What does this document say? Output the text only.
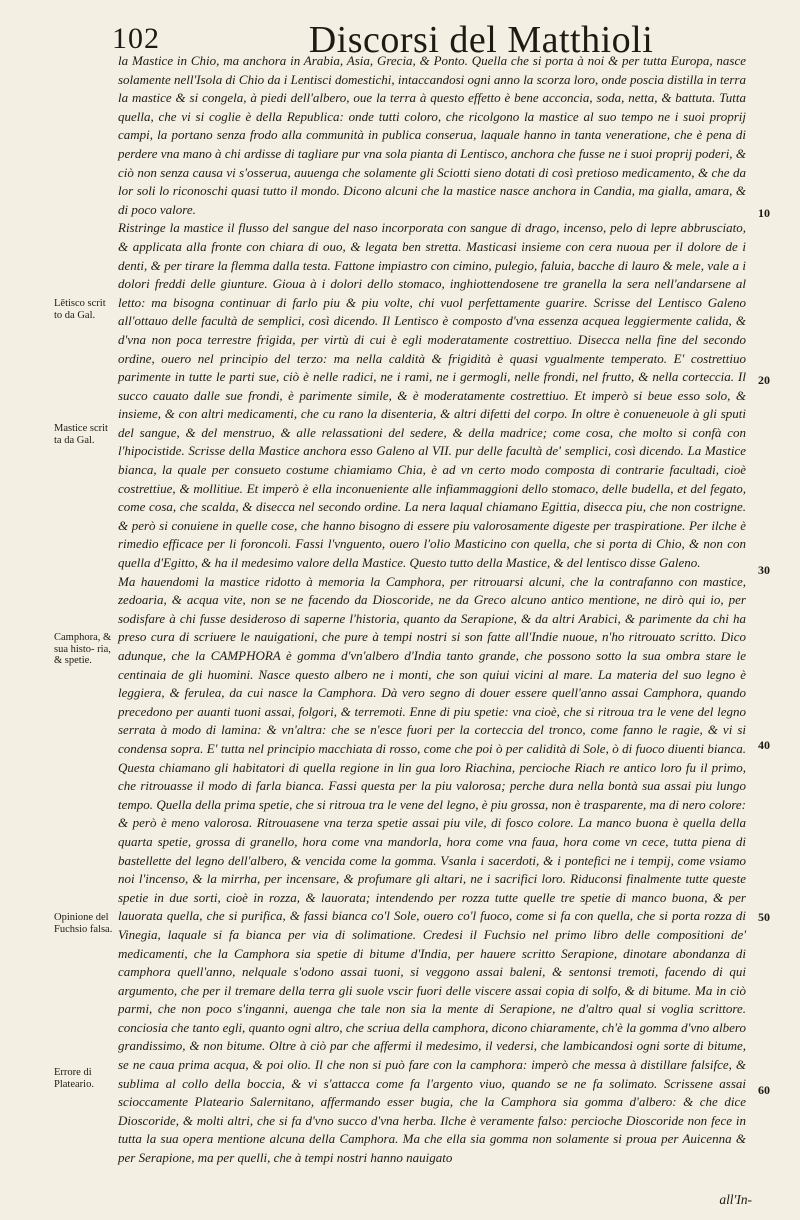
102	Discorsi del Matthioli

la Mastice in Chio, ma anchora in Arabia, Asia, Grecia, & Ponto. Quella che si porta à noi & per tutta Europa, nasce solamente nell'Isola di Chio da i Lentisci domestichi, intaccandosi ogni anno la scorza loro, onde poscia distilla in terra la mastice & si congela, à piedi dell'albero, oue la terra à questo effetto è bene acconcia, soda, netta, & battuta. Tutta quella, che vi si coglie è della Republica: onde tutti coloro, che ricolgono la mastice al suo tempo ne i suoi proprij campi, la portano senza frodo alla communità in publica conserua, laquale hanno in tanta veneratione, che è pena di perdere vna mano à chi ardisse di tagliare pur vna sola pianta di Lentisco, anchora che fusse ne i suoi proprij poderi, & ciò non senza causa vi s'osserua, auuenga che solamente gli Sciotti sieno dotati di così pretioso medicamento, & che da lor soli lo riconoschi quasi tutto il mondo. Dicono alcuni che la mastice nasce anchora in Candia, ma gialla, amara, & di poco valore.

Ristringe la mastice il flusso del sangue del naso incorporata con sangue di drago, incenso, pelo di lepre abbrusciato, & applicata alla fronte con chiara di ouo, & legata ben stretta. Masticasi insieme con cera nuoua per il dolore de i denti, & per tirare la flemma dalla testa. Fattone impiastro con cimino, pulegio, faluia, bacche di lauro & mele, vale a i dolori freddi delle giunture. Gioua à i dolori dello stomaco, inghiottendosene tre granella la sera nell'andarsene al letto: ma bisogna continuar di farlo piu & piu volte, chi vuol perfettamente guarire. Scrisse del Lentisco Galeno all'ottauo delle facultà de semplici, così dicendo. Il Lentisco è composto d'vna essenza acquea leggiermente calida, & d'vna non poca terrestre frigida, per virtù di cui è egli moderatamente costrettiuo. Disecca nella fine del secondo ordine, ouero nel principio del terzo: ma nella caldità & frigidità è quasi vgualmente temperato. E' costrettiuo parimente in tutte le parti sue, ciò è nelle radici, ne i rami, ne i germogli, nelle frondi, nel frutto, & nella corteccia. Il succo cauato dalle sue frondi, è parimente simile, & è moderatamente costrettiuo. Et imperò si beue esso solo, & insieme, & con altri medicamenti, che cu rano la disenteria, & altri difetti del corpo. In oltre è conueneuole à gli sputi del sangue, & del menstruo, & alle relassationi del sedere, & della madrice; come cosa, che molto si confà con l'hipocistide. Scrisse della Mastice anchora esso Galeno al VII. pur delle facultà de' semplici, così dicendo. La Mastice bianca, la quale per consueto costume chiamiamo Chia, è ad vn certo modo composta di contrarie facultadi, cioè costrettiue, & mollitiue. Et imperò è ella inconueniente alle infiammaggioni dello stomaco, delle budella, et del fegato, come cosa, che scalda, & disecca nel secondo ordine. La nera laqual chiamano Egittia, disecca piu, che non costrigne. & però si conuiene in quelle cose, che hanno bisogno di essere piu valorosamente digeste per traspiratione. Per ilche è rimedio efficace per li foroncoli. Fassi l'vnguento, ouero l'olio Masticino con quella, che si porta di Chio, & non con quella d'Egitto, & ha il medesimo valore della Mastice. Questo tutto della Mastice, & del lentisco disse Galeno.

Ma hauendomi la mastice ridotto à memoria la Camphora, per ritrouarsi alcuni, che la contrafanno con mastice, zedoaria, & acqua vite, non se ne facendo da Dioscoride, ne da Greco alcuno antico mentione, ne dirò qui io, per sodisfare à chi fusse desideroso di saperne l'historia, quanto da Serapione, & da altri Arabici, & parimente da chi ha preso cura di scriuere le nauigationi, che pure à tempi nostri si son fatte all'Indie nuoue, n'ho ritrouato scritto. Dico adunque, che la CAMPHORA è gomma d'vn'albero d'India tanto grande, che possono sotto la sua ombra stare le centinaia de gli huomini. Nasce questo albero ne i monti, che son quiui vicini al mare. La materia del suo legno è leggiera, & ferulea, da cui nasce la Camphora. Dà vero segno di douer essere quell'anno assai Camphora, quando precedono per auanti tuoni assai, folgori, & terremoti. Enne di piu spetie: vna cioè, che si ritroua tra le vene del legno serrata à modo di lamina: & vn'altra: che se n'esce fuori per la corteccia del tronco, come fanno le ragie, & vi si condensa sopra. E' tutta nel principio macchiata di rosso, come che poi ò per calidità di Sole, ò di fuoco diuenti bianca. Questa chiamano gli habitatori di quella regione in lin gua loro Riachina, percioche Riach re antico loro fu il primo, che ritrouasse il modo di farla bianca. Fassi questa per la piu valorosa; perche dura nella bontà sua assai piu lungo tempo. Quella della prima spetie, che si ritroua tra le vene del legno, è piu grossa, non è trasparente, ma di nero colore: & però è meno valorosa. Ritrouasene vna terza spetie assai piu vile, di fosco colore. La manco buona è quella della quarta spetie, grossa di granello, hora come vna mandorla, hora come vna faua, hora come vn cece, tutta piena di bastellette del legno dell'albero, & vencida come la gomma. Vsanla i sacerdoti, & i pontefici ne i tempij, come vsiamo noi l'incenso, & la mirrha, per incensare, & profumare gli altari, ne i sacrifici loro. Riduconsi finalmente tutte queste spetie in due sorti, cioè in rozza, & lauorata; intendendo per rozza tutte quelle tre spetie di manco buona, & per lauorata quella, che si purifica, & fassi bianca co'l Sole, ouero co'l fuoco, come si fa con quella, che si porta rozza di Vinegia, laquale si fa bianca per via di solimatione. Credesi il Fuchsio nel primo libro delle compositioni de' medicamenti, che la Camphora sia spetie di bitume d'India, per hauere scritto Serapione, dinotare abondanza di camphora quell'anno, nelquale s'odono assai tuoni, si veggono assai baleni, & sentonsi tremoti, facendo di qui argumento, che per il tremare della terra gli suole vscir fuori delle viscere assai copia di solfo, & di bitume. Ma in ciò parmi, che non poco s'inganni, auenga che tale non sia la mente di Serapione, ne d'altro qual si voglia scrittore. conciosia che tanto egli, quanto ogni altro, che scriua della camphora, dicono chiaramente, ch'è la gomma d'vno albero grandissimo, & non bitume. Oltre à ciò par che affermi il medesimo, il vedersi, che lambicandosi ogni sorte di bitume, se ne caua prima acqua, & poi olio. Il che non si può fare con la camphora: imperò che messa à distillare falsifce, & sublima al collo della boccia, & vi s'attacca come fa l'argento viuo, quando se ne fa solimato. Scrissene assai scioccamente Plateario Salernitano, affermando esser bugia, che la Camphora sia gomma d'albero: & che dice Dioscoride, & molti altri, che si fa d'vno succo d'vna herba. Ilche è veramente falso: percioche Dioscoride non fece in tutta la sua opera mentione alcuna della Camphora. Ma che ella sia gomma non solamente si proua per Auicenna & per Serapione, ma per quelli, che à tempi nostri hanno nauigato

all'In-
Lētisco scrit to da Gal.
Mastice scrit ta da Gal.
Camphora, & sua histo- ria, & spetie.
Opinione del Fuchsio falsa.
Errore di Plateario.
10
20
30
40
50
60
